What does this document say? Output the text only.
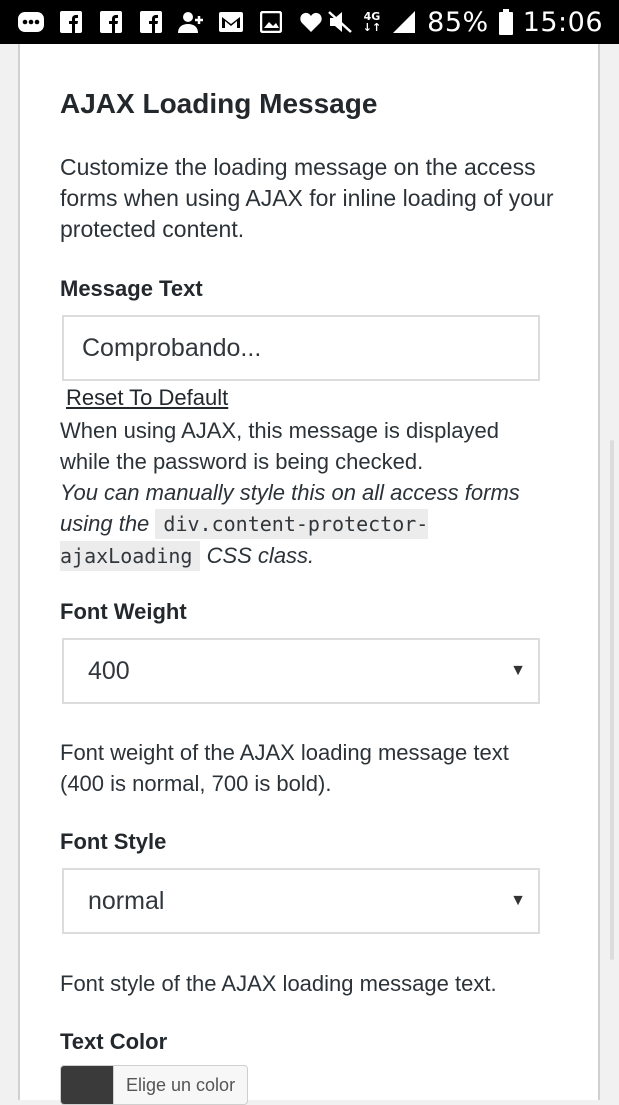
4G
↓↑ 85% 15:06
AJAX Loading Message

Customize the loading message on the access forms when using AJAX for inline loading of your protected content.

Message Text
Comprobando...
Reset To Default

When using AJAX, this message is displayed while the password is being checked.

You can manually style this on all access forms using the div.content-protector-ajaxLoading CSS class.

Font Weight
400	▼

Font weight of the AJAX loading message text (400 is normal, 700 is bold).

Font Style
normal	▼

Font style of the AJAX loading message text.

Text Color
Elige un color
